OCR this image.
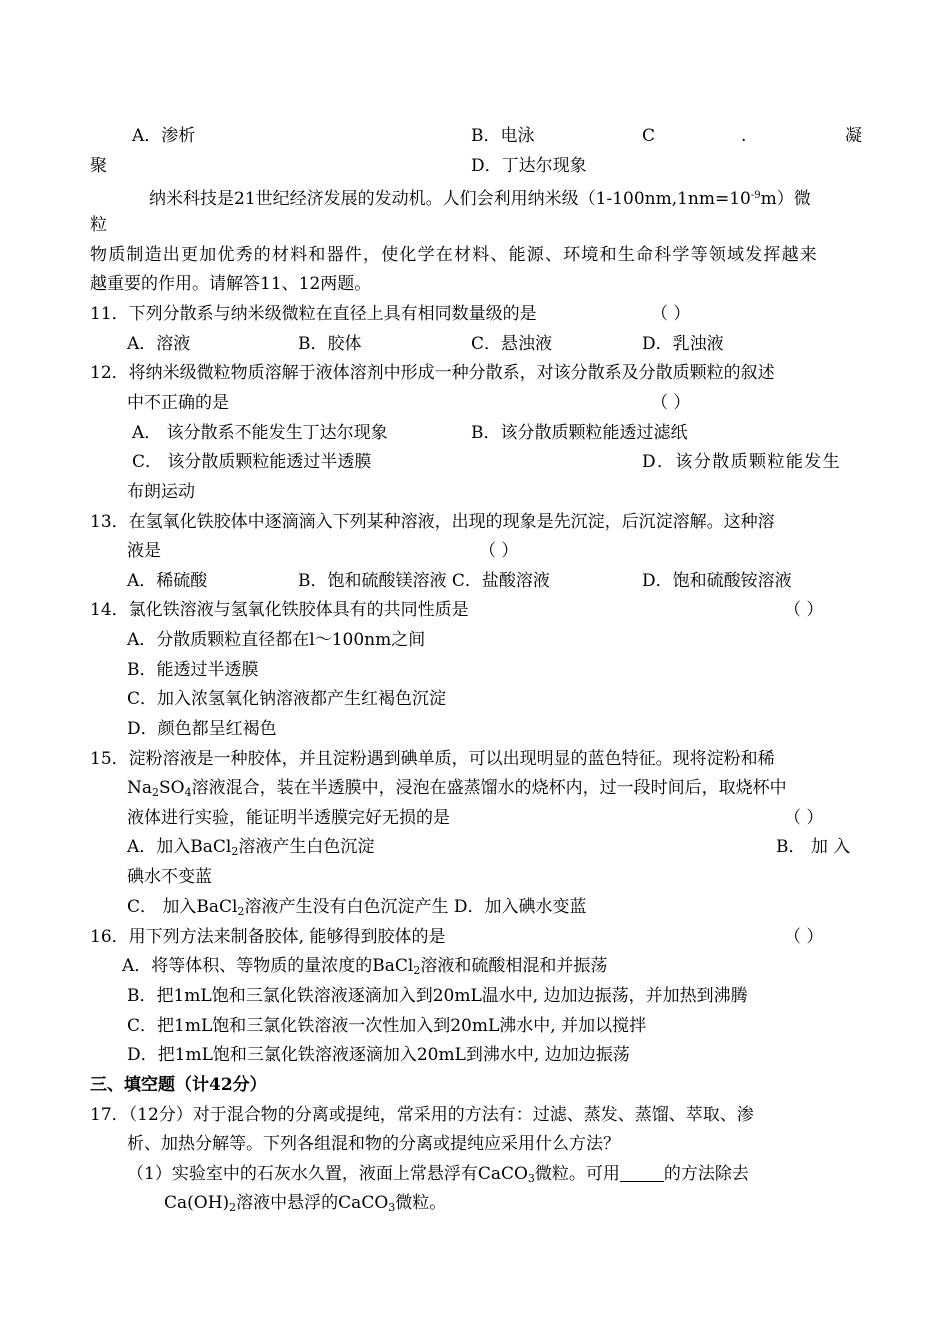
A．渗析	B．电泳	C	.	凝
聚	D．丁达尔现象
纳米科技是21世纪经济发展的发动机。人们会利用纳米级$(1-100nm,1nm=10^{-9}m)$微
粒
物质制造出更加优秀的材料和器件，使化学在材料、能源、环境和生命科学等领域发挥越来
越重要的作用。请解答11、12两题。
11．下列分散系与纳米级微粒在直径上具有相同数量级的是	（ ）
A．溶液	B．胶体	C．悬浊液	D．乳浊液
12．将纳米级微粒物质溶解于液体溶剂中形成一种分散系，对该分散系及分散质颗粒的叙述
中不正确的是	（ ）
A． 该分散系不能发生丁达尔现象	B．该分散质颗粒能透过滤纸
C． 该分散质颗粒能透过半透膜	D．该分散质颗粒能发生
布朗运动
13．在氢氧化铁胶体中逐滴滴入下列某种溶液，出现的现象是先沉淀，后沉淀溶解。这种溶
液是	（ ）
A．稀硫酸	B．饱和硫酸镁溶液 C．盐酸溶液	D．饱和硫酸铵溶液
14．氯化铁溶液与氢氧化铁胶体具有的共同性质是	（ ）
A．分散质颗粒直径都在l～100nm之间
B．能透过半透膜
C．加入浓氢氧化钠溶液都产生红褐色沉淀
D．颜色都呈红褐色
15．淀粉溶液是一种胶体，并且淀粉遇到碘单质，可以出现明显的蓝色特征。现将淀粉和稀
$Na_2SO_4$溶液混合，装在半透膜中，浸泡在盛蒸馏水的烧杯内，过一段时间后，取烧杯中
液体进行实验，能证明半透膜完好无损的是	（ ）
A．加入BaCl$_2$溶液产生白色沉淀	B． 加 入
碘水不变蓝
C． 加入BaCl$_2$溶液产生没有白色沉淀产生 D．加入碘水变蓝
16．用下列方法来制备胶体, 能够得到胶体的是	（ ）
A．将等体积、等物质的量浓度的BaCl$_2$溶液和硫酸相混和并振荡
B．把1mL饱和三氯化铁溶液逐滴加入到20mL温水中, 边加边振荡，并加热到沸腾
C．把1mL饱和三氯化铁溶液一次性加入到20mL沸水中, 并加以搅拌
D．把1mL饱和三氯化铁溶液逐滴加入20mL到沸水中, 边加边振荡
三、填空题（计42分）
17．（12分）对于混合物的分离或提纯，常采用的方法有：过滤、蒸发、蒸馏、萃取、渗
析、加热分解等。下列各组混和物的分离或提纯应采用什么方法？
（1）实验室中的石灰水久置，液面上常悬浮有CaCO$_3$微粒。可用	的方法除去
$Ca(OH)_2$溶液中悬浮的CaCO$_3$微粒。
